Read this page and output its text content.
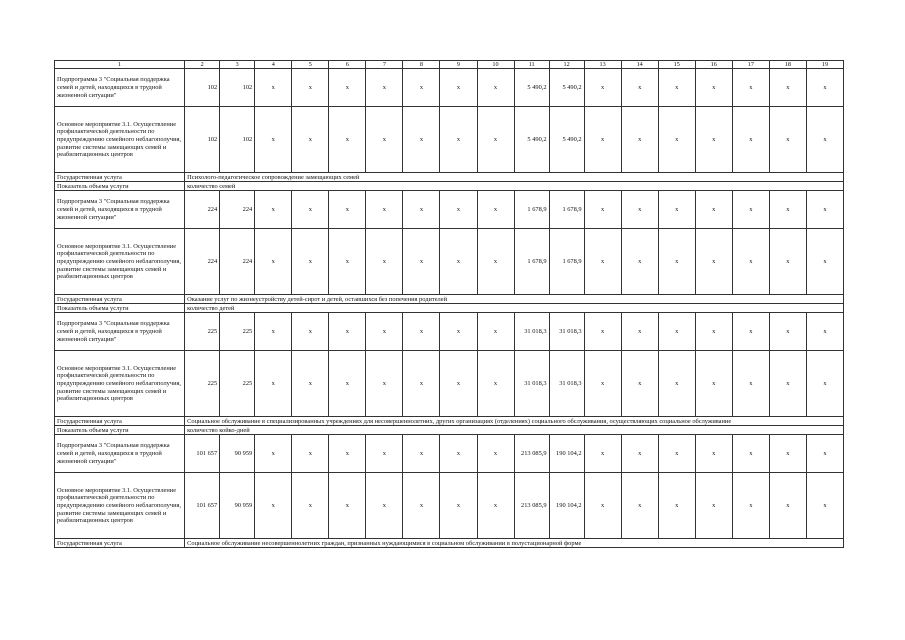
1	2	3	4	5	6	7	8	9	10	11	12	13	14	15	16	17	18	19
Подпрограмма 3 "Социальная поддержка семей и детей, находящихся в трудной жизненной ситуации"	102	102	x	x	x	x	x	x	x	5 490,2	5 490,2	x	x	x	x	x	x	x
Основное мероприятие 3.1. Осуществление профилактической деятельности по предупреждению семейного неблагополучия, развитие системы замещающих семей и реабилитационных центров	102	102	x	x	x	x	x	x	x	5 490,2	5 490,2	x	x	x	x	x	x	x
Государственная услуга	Психолого-педагогическое сопровождение замещающих семей																	
Показатель объема услуги	количество семей																	
Подпрограмма 3 "Социальная поддержка семей и детей, находящихся в трудной жизненной ситуации"	224	224	x	x	x	x	x	x	x	1 678,9	1 678,9	x	x	x	x	x	x	x
Основное мероприятие 3.1. Осуществление профилактической деятельности по предупреждению семейного неблагополучия, развитие системы замещающих семей и реабилитационных центров	224	224	x	x	x	x	x	x	x	1 678,9	1 678,9	x	x	x	x	x	x	x
Государственная услуга	Оказание услуг по жизнеустройству детей-сирот и детей, оставшихся без попечения родителей																	
Показатель объема услуги	количество детей																	
Подпрограмма 3 "Социальная поддержка семей и детей, находящихся в трудной жизненной ситуации"	225	225	x	x	x	x	x	x	x	31 018,3	31 018,3	x	x	x	x	x	x	x
Основное мероприятие 3.1. Осуществление профилактической деятельности по предупреждению семейного неблагополучия, развитие системы замещающих семей и реабилитационных центров	225	225	x	x	x	x	x	x	x	31 018,3	31 018,3	x	x	x	x	x	x	x
Государственная услуга	Социальное обслуживание в специализированных учреждениях для несовершеннолетних, других организациях (отделениях) социального обслуживания, осуществляющих социальное обслуживание																	
Показатель объема услуги	количество койко-дней																	
Подпрограмма 3 "Социальная поддержка семей и детей, находящихся в трудной жизненной ситуации"	101 657	90 959	x	x	x	x	x	x	x	213 085,9	190 104,2	x	x	x	x	x	x	x
Основное мероприятие 3.1. Осуществление профилактической деятельности по предупреждению семейного неблагополучия, развитие системы замещающих семей и реабилитационных центров	101 657	90 959	x	x	x	x	x	x	x	213 085,9	190 104,2	x	x	x	x	x	x	x
Государственная услуга	Социальное обслуживание несовершеннолетних граждан, признанных нуждающимися в социальном обслуживании в полустационарной форме																	
